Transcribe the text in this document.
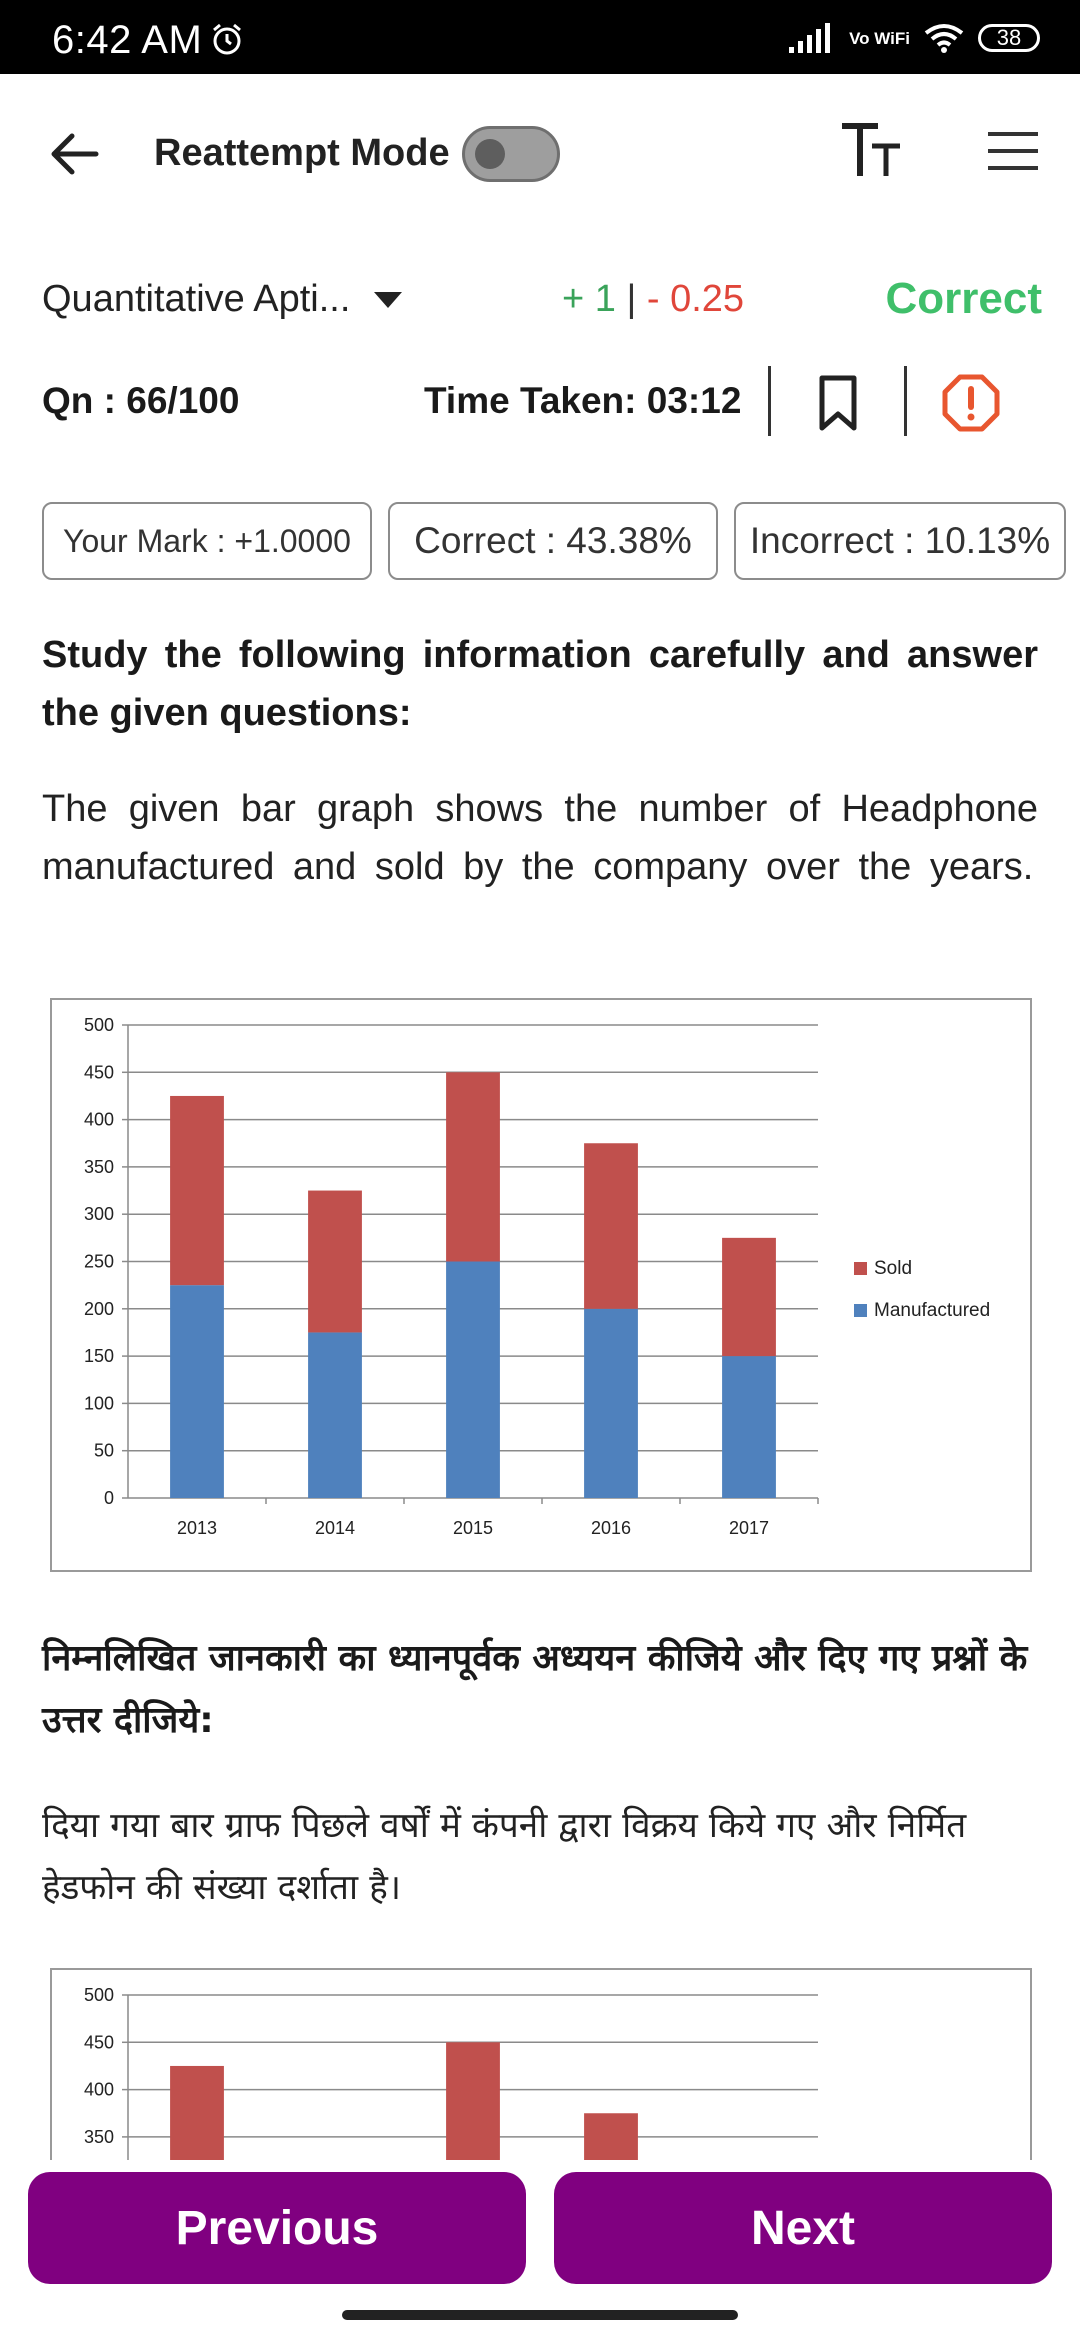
6:42 AM	Vo WiFi	38
Reattempt Mode
Quantitative Apti...	+ 1 | - 0.25	Correct
Qn : 66/100	Time Taken: 03:12
Your Mark : +1.0000 Correct : 43.38% Incorrect : 10.13%
Study the following information carefully and answer the given questions:
The given bar graph shows the number of Headphone manufactured and sold by the company over the years.
0
50
100
150
200
250
300
350
400
450
500
2013	2014	2015	2016	2017
Sold
Manufactured
निम्नलिखित जानकारी का ध्यानपूर्वक अध्ययन कीजिये और दिए गए प्रश्नों के उत्तर दीजिये:
दिया गया बार ग्राफ पिछले वर्षों में कंपनी द्वारा विक्रय किये गए और निर्मित हेडफोन की संख्या दर्शाता है।
350
400
450
500
Previous	Next
